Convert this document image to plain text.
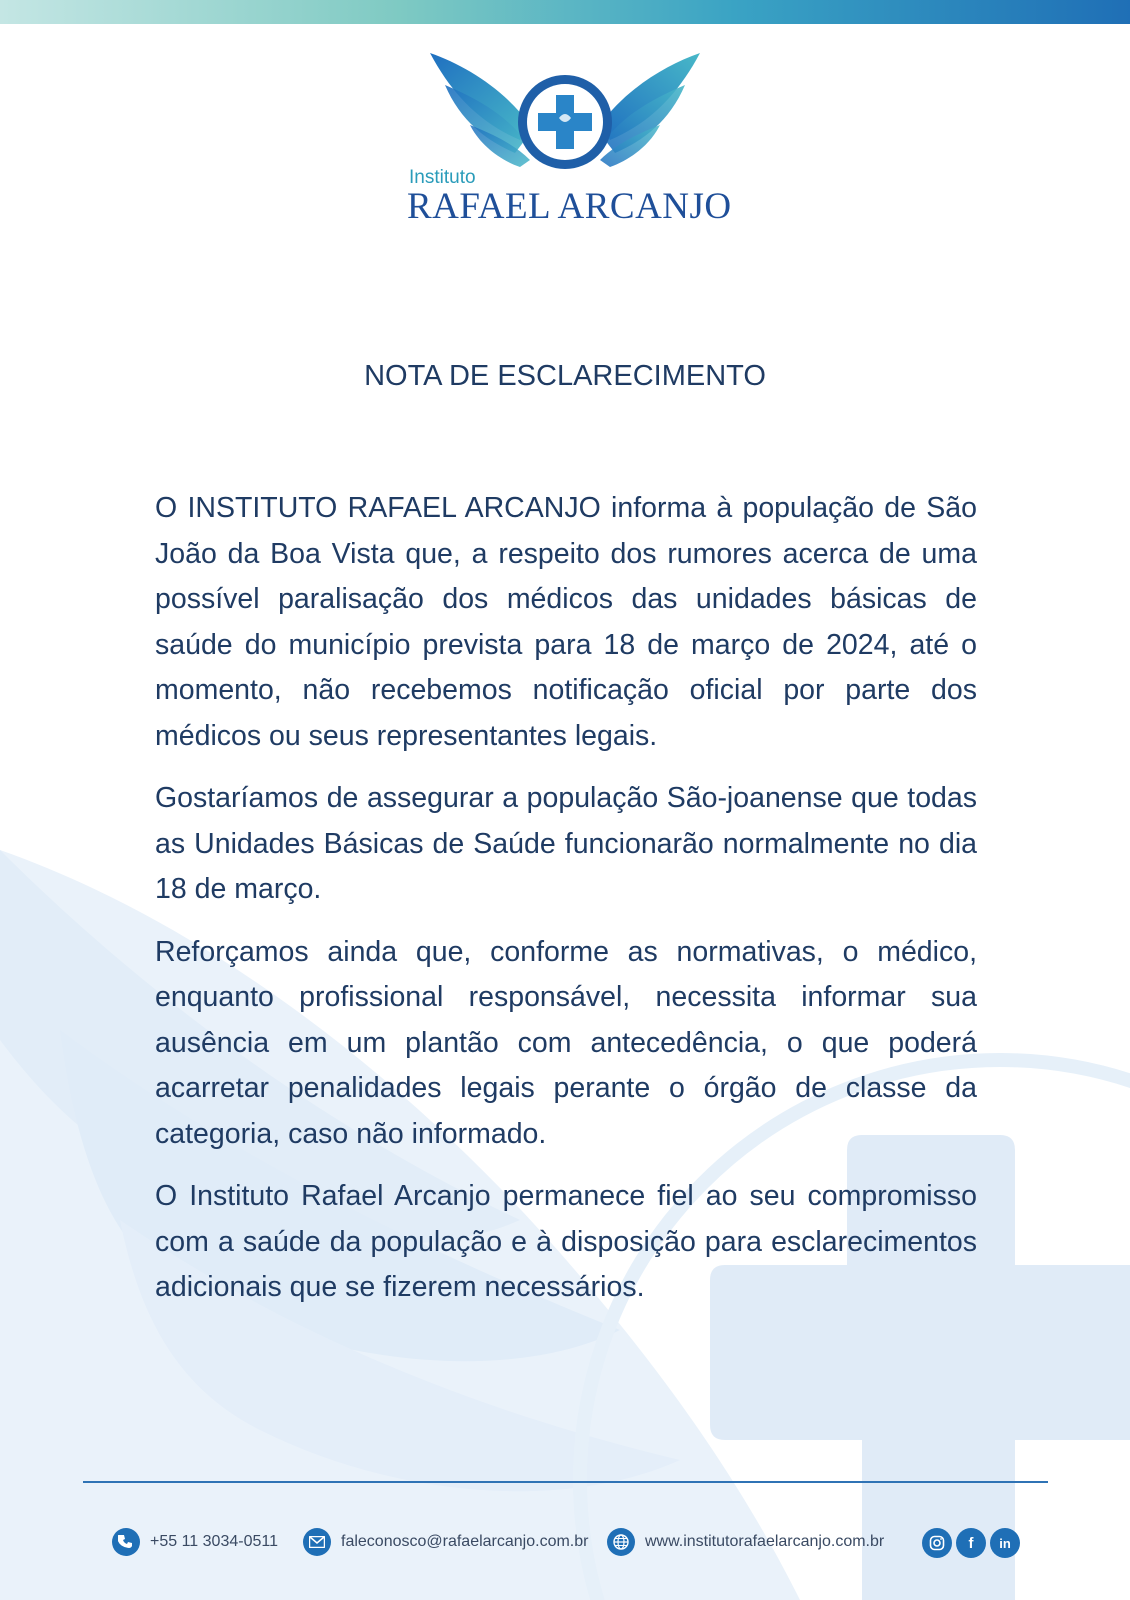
Instituto
RAFAEL ARCANJO
NOTA DE ESCLARECIMENTO

O INSTITUTO RAFAEL ARCANJO informa à população de São João da Boa Vista que, a respeito dos rumores acerca de uma possível paralisação dos médicos das unidades básicas de saúde do município prevista para 18 de março de 2024, até o momento, não recebemos notificação oficial por parte dos médicos ou seus representantes legais.

Gostaríamos de assegurar a população São-joanense que todas as Unidades Básicas de Saúde funcionarão normalmente no dia 18 de março.

Reforçamos ainda que, conforme as normativas, o médico, enquanto profissional responsável, necessita informar sua ausência em um plantão com antecedência, o que poderá acarretar penalidades legais perante o órgão de classe da categoria, caso não informado.

O Instituto Rafael Arcanjo permanece fiel ao seu compromisso com a saúde da população e à disposição para esclarecimentos adicionais que se fizerem necessários.

+55 11 3034-0511	faleconosco@rafaelarcanjo.com.br	www.institutorafaelarcanjo.com.br	f	in
